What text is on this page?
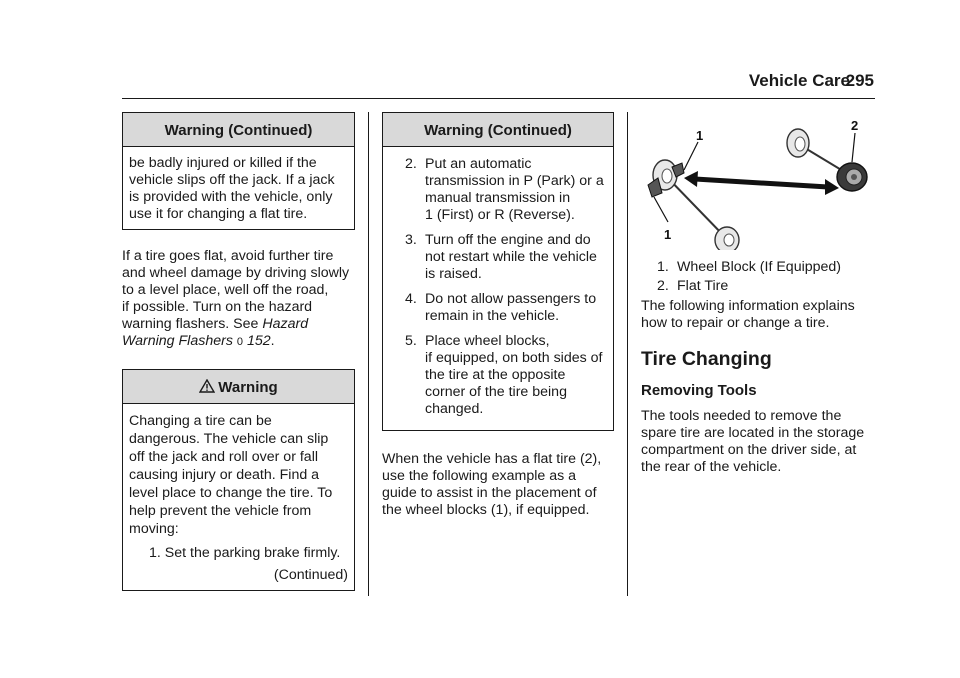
Vehicle Care
295
Warning (Continued)
be badly injured or killed if the
vehicle slips off the jack. If a jack
is provided with the vehicle, only
use it for changing a flat tire.
If a tire goes flat, avoid further tire
and wheel damage by driving slowly
to a level place, well off the road,
if possible. Turn on the hazard
warning flashers. See Hazard
Warning Flashers 0 152.
Warning
Changing a tire can be
dangerous. The vehicle can slip
off the jack and roll over or fall
causing injury or death. Find a
level place to change the tire. To
help prevent the vehicle from
moving:
1. Set the parking brake firmly.
(Continued)
Warning (Continued)
2. Put an automatic
transmission in P (Park) or a
manual transmission in
1 (First) or R (Reverse).
3. Turn off the engine and do
not restart while the vehicle
is raised.
4. Do not allow passengers to
remain in the vehicle.
5. Place wheel blocks,
if equipped, on both sides of
the tire at the opposite
corner of the tire being
changed.
When the vehicle has a flat tire (2),
use the following example as a
guide to assist in the placement of
the wheel blocks (1), if equipped.
1
1
2
1. Wheel Block (If Equipped)
2. Flat Tire
The following information explains
how to repair or change a tire.
Tire Changing
Removing Tools
The tools needed to remove the
spare tire are located in the storage
compartment on the driver side, at
the rear of the vehicle.
